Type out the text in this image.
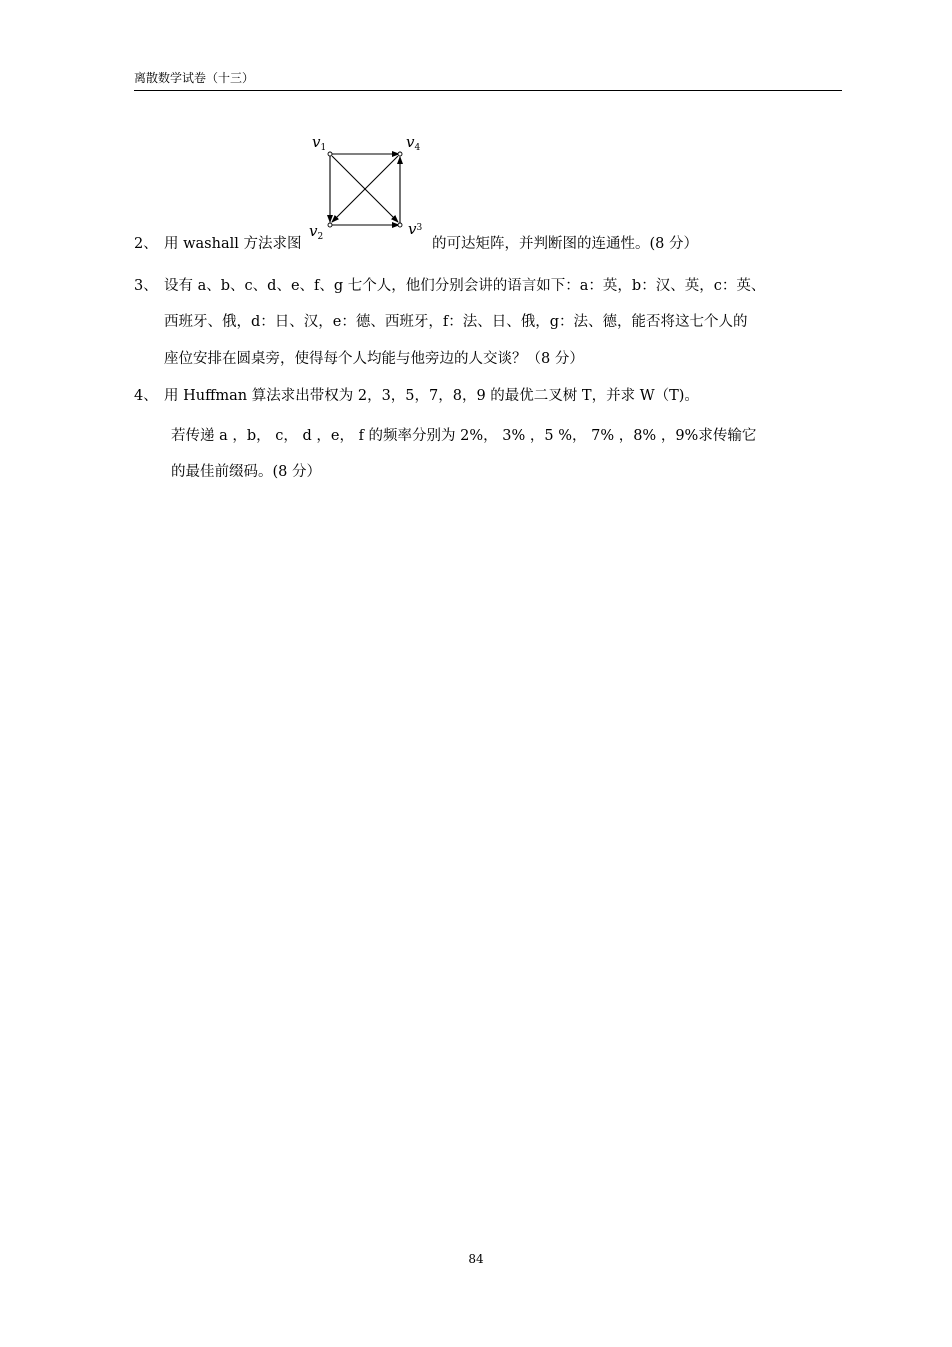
离散数学试卷（十三）
v1	v4
v2	$v^3$
2、 用 washall 方法求图	的可达矩阵，并判断图的连通性。(8 分）
3、 设有 a、b、c、d、e、f、g 七个人，他们分别会讲的语言如下：a：英，b：汉、英，c：英、
西班牙、俄，d：日、汉，e：德、西班牙，f：法、日、俄，g：法、德，能否将这七个人的
座位安排在圆桌旁，使得每个人均能与他旁边的人交谈？（8 分）
4、 用 Huffman 算法求出带权为 2，3，5，7，8，9 的最优二叉树 T，并求 W（T)。
若传递 a ，b， c， d ，e， f 的频率分别为 2%， 3% ，5 %， 7% ，8% ，9%求传输它
的最佳前缀码。(8 分）
84
